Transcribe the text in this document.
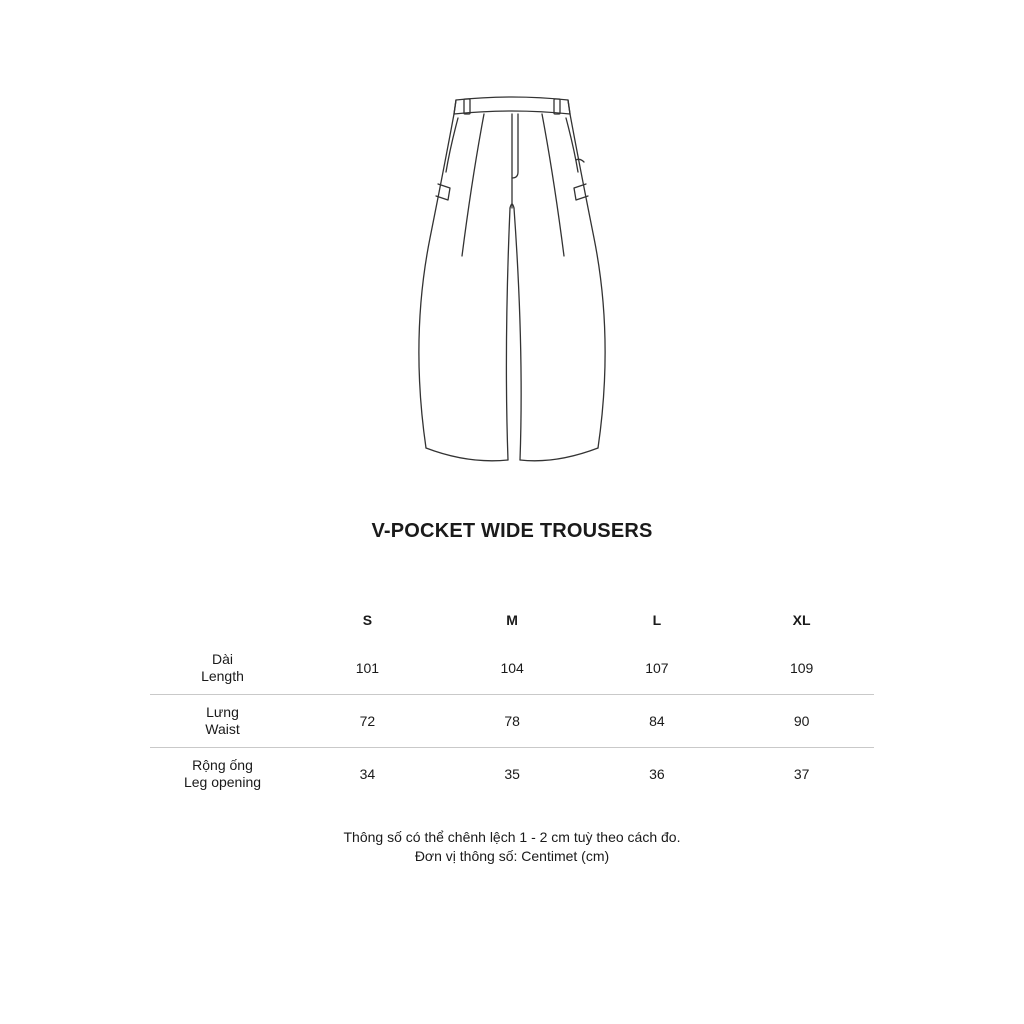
V-POCKET WIDE TROUSERS
	S	M	L	XL

Dài
Length	101	104	107	109

Lưng
Waist	72	78	84	90

Rộng ống
Leg opening	34	35	36	37
Thông số có thể chênh lệch 1 - 2 cm tuỳ theo cách đo.
Đơn vị thông số: Centimet (cm)
